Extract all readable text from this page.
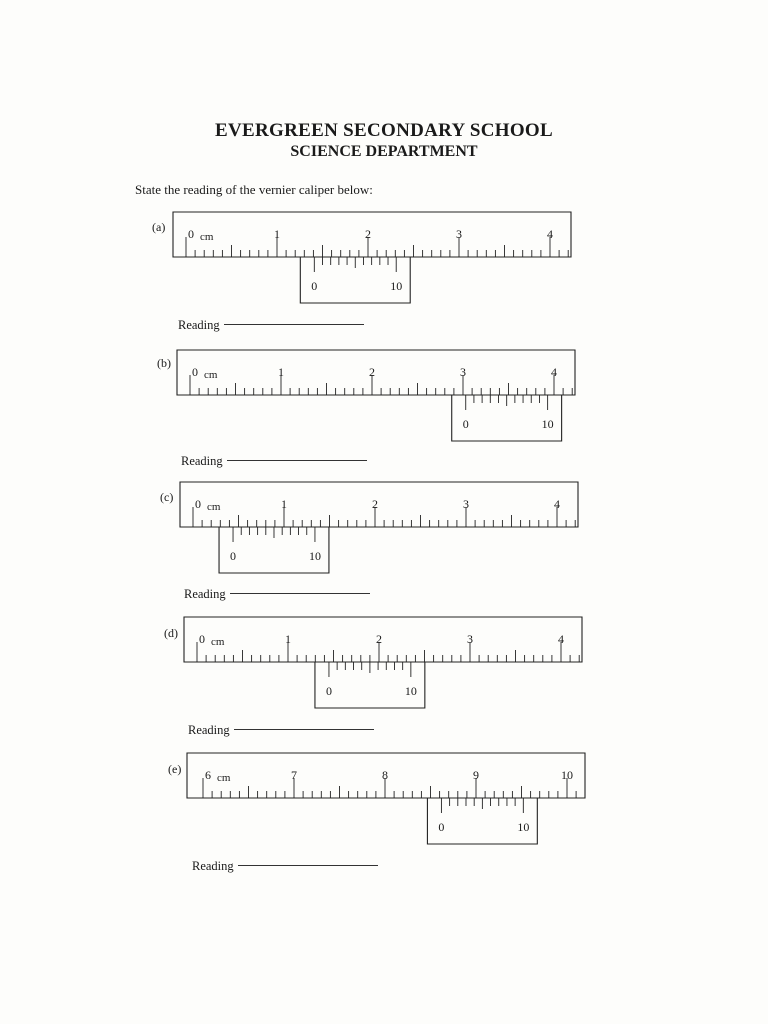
EVERGREEN SECONDARY SCHOOL
SCIENCE DEPARTMENT
State the reading of the vernier caliper below:
(a) 0	1	2	3	4
cm
0	10
Reading
(b)
0	1	2	3	4
cm
0	10
Reading
(c) 0	1	2	3	4
cm
0	10
Reading
(d) 0	1	2	3	4
cm
0	10
Reading
(e) 6	7	8	9	10
cm
0	10
Reading
